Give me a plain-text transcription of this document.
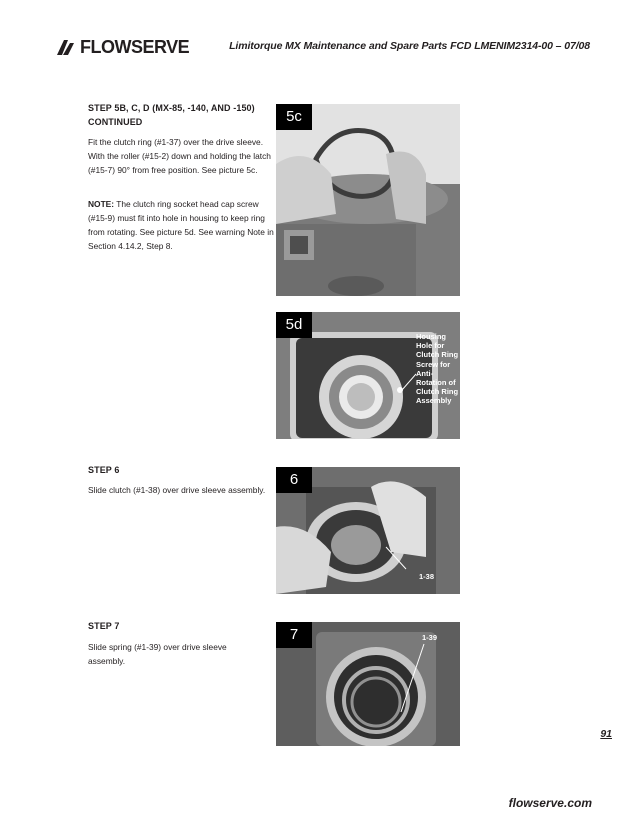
FLOWSERVE	Limitorque MX Maintenance and Spare Parts FCD LMENIM2314-00 – 07/08
STEP 5B, C, D (MX-85, -140, AND -150)
CONTINUED
Fit the clutch ring (#1-37) over the drive sleeve. With the roller (#15-2) down and holding the latch (#15-7) 90° from free position. See picture 5c.
NOTE: The clutch ring socket head cap screw (#15-9) must fit into hole in housing to keep ring from rotating. See picture 5d. See warning Note in Section 4.14.2, Step 8.
STEP 6
Slide clutch (#1-38) over drive sleeve assembly.
STEP 7
Slide spring (#1-39) over drive sleeve assembly.
5c
5d
Housing
Hole for
Clutch Ring
Screw for
Anti-
Rotation of
Clutch Ring
Assembly
6
1-38
7	1-39
91
flowserve.com
